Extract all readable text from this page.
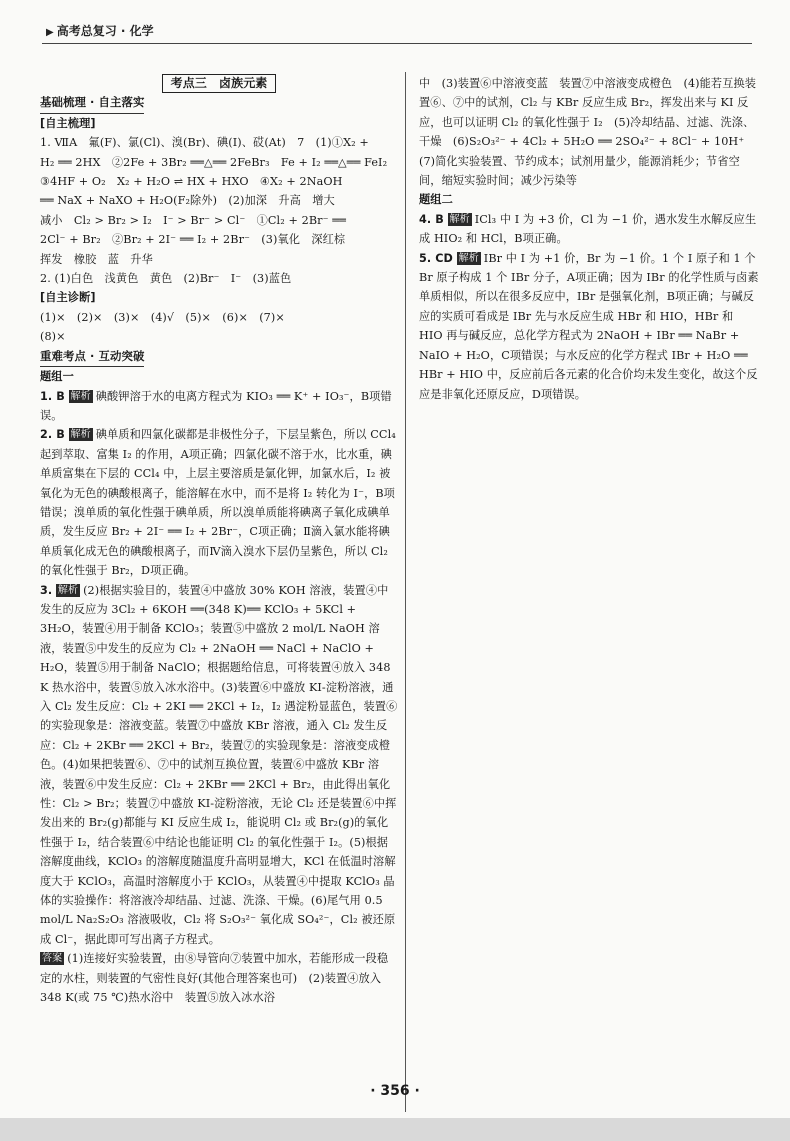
▶ 高考总复习 · 化学

考点三　卤族元素

基础梳理 · 自主落实

[自主梳理]

1. ⅦA　氟(F)、氯(Cl)、溴(Br)、碘(I)、砹(At)　7　(1)①X₂ +

H₂ ══ 2HX　②2Fe + 3Br₂ ══△══ 2FeBr₃　Fe + I₂ ══△══ FeI₂

③4HF + O₂　X₂ + H₂O ⇌ HX + HXO　④X₂ + 2NaOH

══ NaX + NaXO + H₂O(F₂除外)　(2)加深　升高　增大

减小　Cl₂ > Br₂ > I₂　I⁻ > Br⁻ > Cl⁻　①Cl₂ + 2Br⁻ ══

2Cl⁻ + Br₂　②Br₂ + 2I⁻ ══ I₂ + 2Br⁻　(3)氧化　深红棕

挥发　橡胶　蓝　升华

2. (1)白色　浅黄色　黄色　(2)Br⁻　I⁻　(3)蓝色

[自主诊断]

(1)×　(2)×　(3)×　(4)√　(5)×　(6)×　(7)×

(8)×

重难考点 · 互动突破

题组一

1. B 解析 碘酸钾溶于水的电离方程式为 KIO₃ ══ K⁺ + IO₃⁻，B项错误。

2. B 解析 碘单质和四氯化碳都是非极性分子，下层呈紫色，所以 CCl₄ 起到萃取、富集 I₂ 的作用，A项正确；四氯化碳不溶于水，比水重，碘单质富集在下层的 CCl₄ 中，上层主要溶质是氯化钾，加氯水后，I₂ 被氧化为无色的碘酸根离子，能溶解在水中，而不是将 I₂ 转化为 I⁻，B项错误；溴单质的氧化性强于碘单质，所以溴单质能将碘离子氧化成碘单质，发生反应 Br₂ + 2I⁻ ══ I₂ + 2Br⁻，C项正确；Ⅱ滴入氯水能将碘单质氧化成无色的碘酸根离子，而Ⅳ滴入溴水下层仍呈紫色，所以 Cl₂ 的氧化性强于 Br₂，D项正确。

3. 解析 (2)根据实验目的，装置④中盛放 30% KOH 溶液，装置④中发生的反应为 3Cl₂ + 6KOH ══(348 K)══ KClO₃ + 5KCl + 3H₂O，装置④用于制备 KClO₃；装置⑤中盛放 2 mol/L NaOH 溶液，装置⑤中发生的反应为 Cl₂ + 2NaOH ══ NaCl + NaClO + H₂O，装置⑤用于制备 NaClO；根据题给信息，可将装置④放入 348 K 热水浴中，装置⑤放入冰水浴中。(3)装置⑥中盛放 KI-淀粉溶液，通入 Cl₂ 发生反应：Cl₂ + 2KI ══ 2KCl + I₂，I₂ 遇淀粉显蓝色，装置⑥的实验现象是：溶液变蓝。装置⑦中盛放 KBr 溶液，通入 Cl₂ 发生反应：Cl₂ + 2KBr ══ 2KCl + Br₂，装置⑦的实验现象是：溶液变成橙色。(4)如果把装置⑥、⑦中的试剂互换位置，装置⑥中盛放 KBr 溶液，装置⑥中发生反应：Cl₂ + 2KBr ══ 2KCl + Br₂，由此得出氧化性：Cl₂ > Br₂；装置⑦中盛放 KI-淀粉溶液，无论 Cl₂ 还是装置⑥中挥发出来的 Br₂(g)都能与 KI 反应生成 I₂，能说明 Cl₂ 或 Br₂(g)的氧化性强于 I₂，结合装置⑥中结论也能证明 Cl₂ 的氧化性强于 I₂。(5)根据溶解度曲线，KClO₃ 的溶解度随温度升高明显增大，KCl 在低温时溶解度大于 KClO₃，高温时溶解度小于 KClO₃，从装置④中提取 KClO₃ 晶体的实验操作：将溶液冷却结晶、过滤、洗涤、干燥。(6)尾气用 0.5 mol/L Na₂S₂O₃ 溶液吸收，Cl₂ 将 S₂O₃²⁻ 氧化成 SO₄²⁻，Cl₂ 被还原成 Cl⁻，据此即可写出离子方程式。

答案 (1)连接好实验装置，由⑧导管向⑦装置中加水，若能形成一段稳定的水柱，则装置的气密性良好(其他合理答案也可)　(2)装置④放入 348 K(或 75 ℃)热水浴中　装置⑤放入冰水浴

中　(3)装置⑥中溶液变蓝　装置⑦中溶液变成橙色　(4)能若互换装置⑥、⑦中的试剂，Cl₂ 与 KBr 反应生成 Br₂，挥发出来与 KI 反应，也可以证明 Cl₂ 的氧化性强于 I₂　(5)冷却结晶、过滤、洗涤、干燥　(6)S₂O₃²⁻ + 4Cl₂ + 5H₂O ══ 2SO₄²⁻ + 8Cl⁻ + 10H⁺　(7)简化实验装置、节约成本；试剂用量少，能源消耗少；节省空间，缩短实验时间；减少污染等

题组二

4. B 解析 ICl₃ 中 I 为 +3 价，Cl 为 −1 价，遇水发生水解反应生成 HIO₂ 和 HCl，B项正确。

5. CD 解析 IBr 中 I 为 +1 价，Br 为 −1 价。1 个 I 原子和 1 个 Br 原子构成 1 个 IBr 分子，A项正确；因为 IBr 的化学性质与卤素单质相似，所以在很多反应中，IBr 是强氧化剂，B项正确；与碱反应的实质可看成是 IBr 先与水反应生成 HBr 和 HIO，HBr 和 HIO 再与碱反应，总化学方程式为 2NaOH + IBr ══ NaBr + NaIO + H₂O，C项错误；与水反应的化学方程式 IBr + H₂O ══ HBr + HIO 中，反应前后各元素的化合价均未发生变化，故这个反应是非氧化还原反应，D项错误。

· 356 ·
